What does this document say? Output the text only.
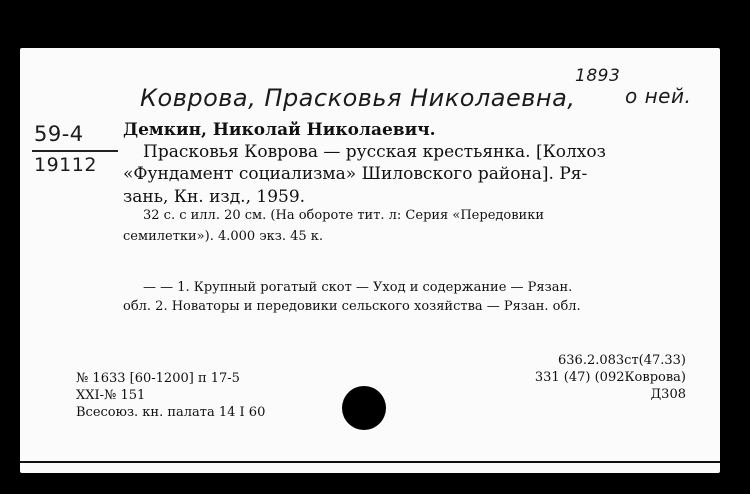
Коврова, Прасковья Николаевна,
1893
о ней.
59-4
19112
Демкин, Николай Николаевич.
Прасковья Коврова — русская крестьянка. [Колхоз
«Фундамент социализма» Шиловского района]. Ря-
зань, Кн. изд., 1959.
32 с. с илл. 20 см. (На обороте тит. л: Серия «Передовики
семилетки»). 4.000 экз. 45 к.
— — 1. Крупный рогатый скот — Уход и содержание — Рязан.
обл. 2. Новаторы и передовики сельского хозяйства — Рязан. обл.
№ 1633 [60-1200] п 17-5
XXI-№ 151
Всесоюз. кн. палата 14 I 60
636.2.083ст(47.33)
331 (47) (092Коврова)
Д308
